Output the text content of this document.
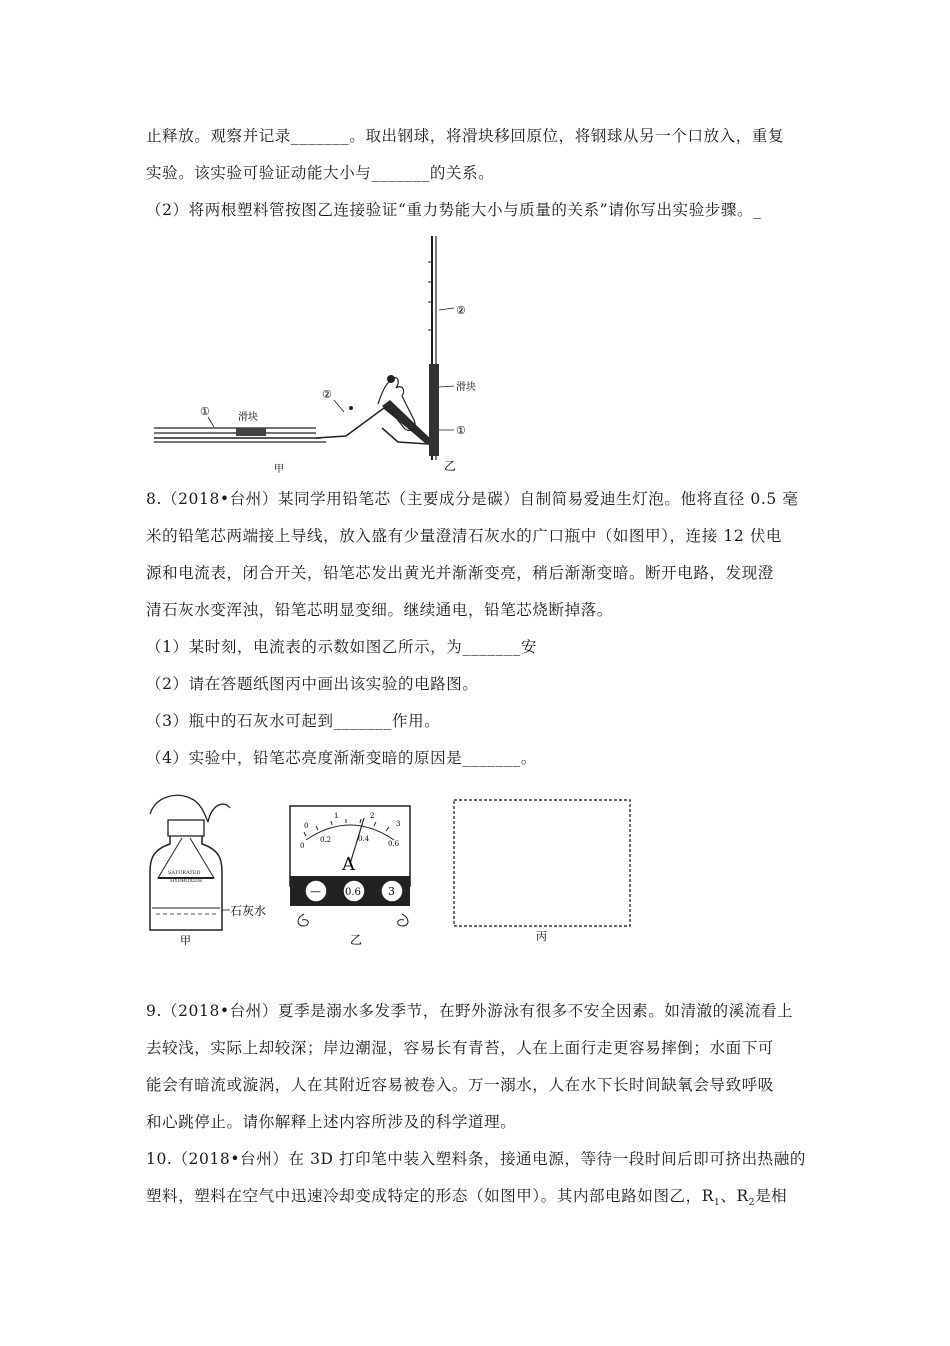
止释放。观察并记录_______。取出钢球，将滑块移回原位，将钢球从另一个口放入，重复
实验。该实验可验证动能大小与_______的关系。
（2）将两根塑料管按图乙连接验证“重力势能大小与质量的关系”请你写出实验步骤。_
①	滑块
②
甲
②
滑块
①
乙
8.（2018•台州）某同学用铅笔芯（主要成分是碳）自制简易爱迪生灯泡。他将直径 0.5 毫
米的铅笔芯两端接上导线，放入盛有少量澄清石灰水的广口瓶中（如图甲），连接 12 伏电
源和电流表，闭合开关，铅笔芯发出黄光并渐渐变亮，稍后渐渐变暗。断开电路，发现澄
清石灰水变浑浊，铅笔芯明显变细。继续通电，铅笔芯烧断掉落。
（1）某时刻，电流表的示数如图乙所示，为_______安
（2）请在答题纸图丙中画出该实验的电路图。
（3）瓶中的石灰水可起到_______作用。
（4）实验中，铅笔芯亮度渐渐变暗的原因是_______。
SATURATED
HYDROXIDE
石灰水
甲
0
0.2	0.4
0.6
0
1	2
3
A
— 0.6 3
乙	丙
9.（2018•台州）夏季是溺水多发季节，在野外游泳有很多不安全因素。如清澈的溪流看上
去较浅，实际上却较深；岸边潮湿，容易长有青苔，人在上面行走更容易摔倒；水面下可
能会有暗流或漩涡，人在其附近容易被卷入。万一溺水，人在水下长时间缺氧会导致呼吸
和心跳停止。请你解释上述内容所涉及的科学道理。
10.（2018•台州）在 3D 打印笔中装入塑料条，接通电源，等待一段时间后即可挤出热融的
塑料，塑料在空气中迅速冷却变成特定的形态（如图甲）。其内部电路如图乙，$R_1$、$R_2$是相
